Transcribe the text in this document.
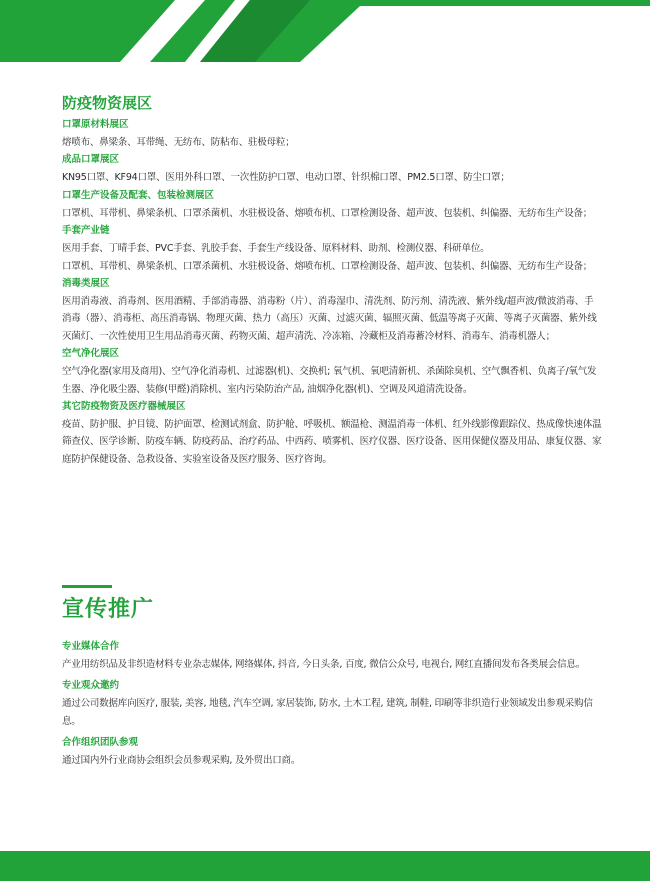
防疫物资展区
口罩原材料展区
熔喷布、鼻梁条、耳带绳、无纺布、防粘布、驻极母粒；
成品口罩展区
KN95口罩、KF94口罩、医用外科口罩、一次性防护口罩、电动口罩、针织棉口罩、PM2.5口罩、防尘口罩；
口罩生产设备及配套、包装检测展区
口罩机、耳带机、鼻梁条机、口罩杀菌机、水驻极设备、熔喷布机、口罩检测设备、超声波、包装机、纠偏器、无纺布生产设备；
手套产业链
医用手套、丁晴手套、PVC手套、乳胶手套、手套生产线设备、原料材料、助剂、检测仪器、科研单位。
口罩机、耳带机、鼻梁条机、口罩杀菌机、水驻极设备、熔喷布机、口罩检测设备、超声波、包装机、纠偏器、无纺布生产设备；
消毒类展区
医用消毒液、消毒剂、医用酒精、手部消毒器、消毒粉（片）、消毒湿巾、清洗剂、防污剂、清洗液、紫外线/超声波/微波消毒、手消毒（器）、消毒柜、高压消毒锅、物理灭菌、热力（高压）灭菌、过滤灭菌、辐照灭菌、低温等离子灭菌、等离子灭菌器、紫外线灭菌灯、一次性使用卫生用品消毒灭菌、药物灭菌、超声清洗、冷冻箱、冷藏柜及消毒蓄冷材料、消毒车、消毒机器人；
空气净化展区
空气净化器(家用及商用)、空气净化消毒机、过滤器(机)、交换机; 氧气机、氧吧清新机、杀菌除臭机、空气飘香机、负离子/氧气发生器、净化吸尘器、装修(甲醛)消除机、室内污染防治产品, 油烟净化器(机)、空调及风道清洗设备。
其它防疫物资及医疗器械展区
疫苗、防护服、护目镜、防护面罩、检测试剂盒、防护舱、呼吸机、额温枪、测温消毒一体机、红外线影像跟踪仪、热成像快速体温筛查仪、医学诊断、防疫车辆、防疫药品、治疗药品、中西药、喷雾机、医疗仪器、医疗设备、医用保健仪器及用品、康复仪器、家庭防护保健设备、急救设备、实验室设备及医疗服务、医疗咨询。
宣传推广
专业媒体合作
产业用纺织品及非织造材料专业杂志媒体, 网络媒体, 抖音, 今日头条, 百度, 微信公众号, 电视台, 网红直播间发布各类展会信息。
专业观众邀约
通过公司数据库向医疗, 服装, 美容, 地毯, 汽车空调, 家居装饰, 防水, 土木工程, 建筑, 制鞋, 印刷等非织造行业领域发出参观采购信息。
合作组织团队参观
通过国内外行业商协会组织会员参观采购, 及外贸出口商。
